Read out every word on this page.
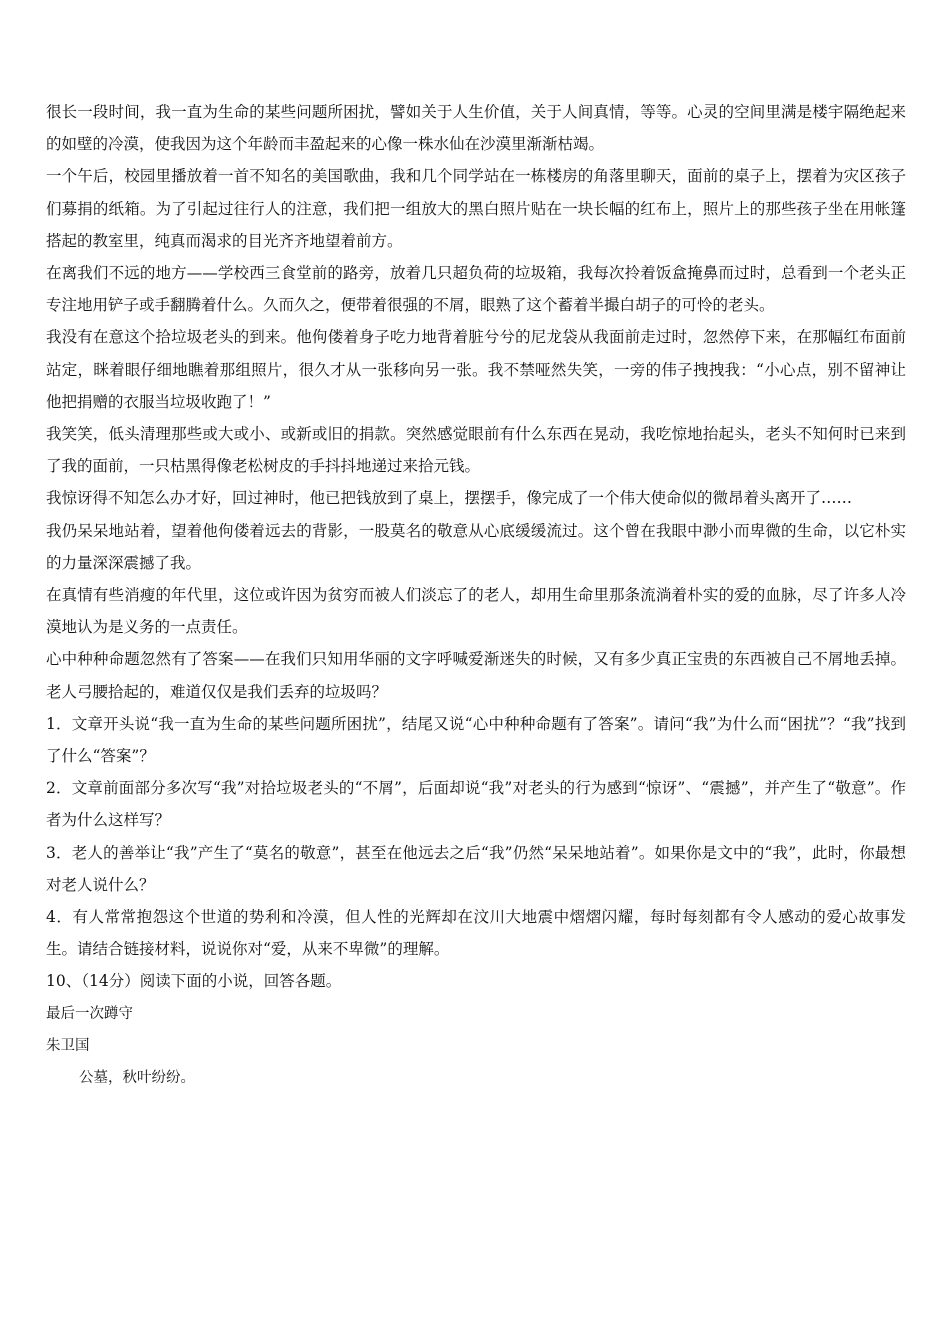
很长一段时间，我一直为生命的某些问题所困扰，譬如关于人生价值，关于人间真情，等等。心灵的空间里满是楼宇隔绝起来的如壁的冷漠，使我因为这个年龄而丰盈起来的心像一株水仙在沙漠里渐渐枯竭。

一个午后，校园里播放着一首不知名的美国歌曲，我和几个同学站在一栋楼房的角落里聊天，面前的桌子上，摆着为灾区孩子们募捐的纸箱。为了引起过往行人的注意，我们把一组放大的黑白照片贴在一块长幅的红布上，照片上的那些孩子坐在用帐篷搭起的教室里，纯真而渴求的目光齐齐地望着前方。

在离我们不远的地方——学校西三食堂前的路旁，放着几只超负荷的垃圾箱，我每次拎着饭盒掩鼻而过时，总看到一个老头正专注地用铲子或手翻腾着什么。久而久之，便带着很强的不屑，眼熟了这个蓄着半撮白胡子的可怜的老头。

我没有在意这个拾垃圾老头的到来。他佝偻着身子吃力地背着脏兮兮的尼龙袋从我面前走过时，忽然停下来，在那幅红布面前站定，眯着眼仔细地瞧着那组照片，很久才从一张移向另一张。我不禁哑然失笑，一旁的伟子拽拽我：“小心点，别不留神让他把捐赠的衣服当垃圾收跑了！”

我笑笑，低头清理那些或大或小、或新或旧的捐款。突然感觉眼前有什么东西在晃动，我吃惊地抬起头，老头不知何时已来到了我的面前，一只枯黑得像老松树皮的手抖抖地递过来拾元钱。

我惊讶得不知怎么办才好，回过神时，他已把钱放到了桌上，摆摆手，像完成了一个伟大使命似的微昂着头离开了……

我仍呆呆地站着，望着他佝偻着远去的背影，一股莫名的敬意从心底缓缓流过。这个曾在我眼中渺小而卑微的生命，以它朴实的力量深深震撼了我。

在真情有些消瘦的年代里，这位或许因为贫穷而被人们淡忘了的老人，却用生命里那条流淌着朴实的爱的血脉，尽了许多人冷漠地认为是义务的一点责任。

心中种种命题忽然有了答案——在我们只知用华丽的文字呼喊爱渐迷失的时候，又有多少真正宝贵的东西被自己不屑地丢掉。老人弓腰拾起的，难道仅仅是我们丢弃的垃圾吗？

1．文章开头说“我一直为生命的某些问题所困扰”，结尾又说“心中种种命题有了答案”。请问“我”为什么而“困扰”？“我”找到了什么“答案”？

2．文章前面部分多次写“我”对拾垃圾老头的“不屑”，后面却说“我”对老头的行为感到“惊讶”、“震撼”，并产生了“敬意”。作者为什么这样写？

3．老人的善举让“我”产生了“莫名的敬意”，甚至在他远去之后“我”仍然“呆呆地站着”。如果你是文中的“我”，此时，你最想对老人说什么？

4．有人常常抱怨这个世道的势利和冷漠，但人性的光辉却在汶川大地震中熠熠闪耀，每时每刻都有令人感动的爱心故事发生。请结合链接材料，说说你对“爱，从来不卑微”的理解。

10、（14分）阅读下面的小说，回答各题。

最后一次蹲守

朱卫国

公墓，秋叶纷纷。
